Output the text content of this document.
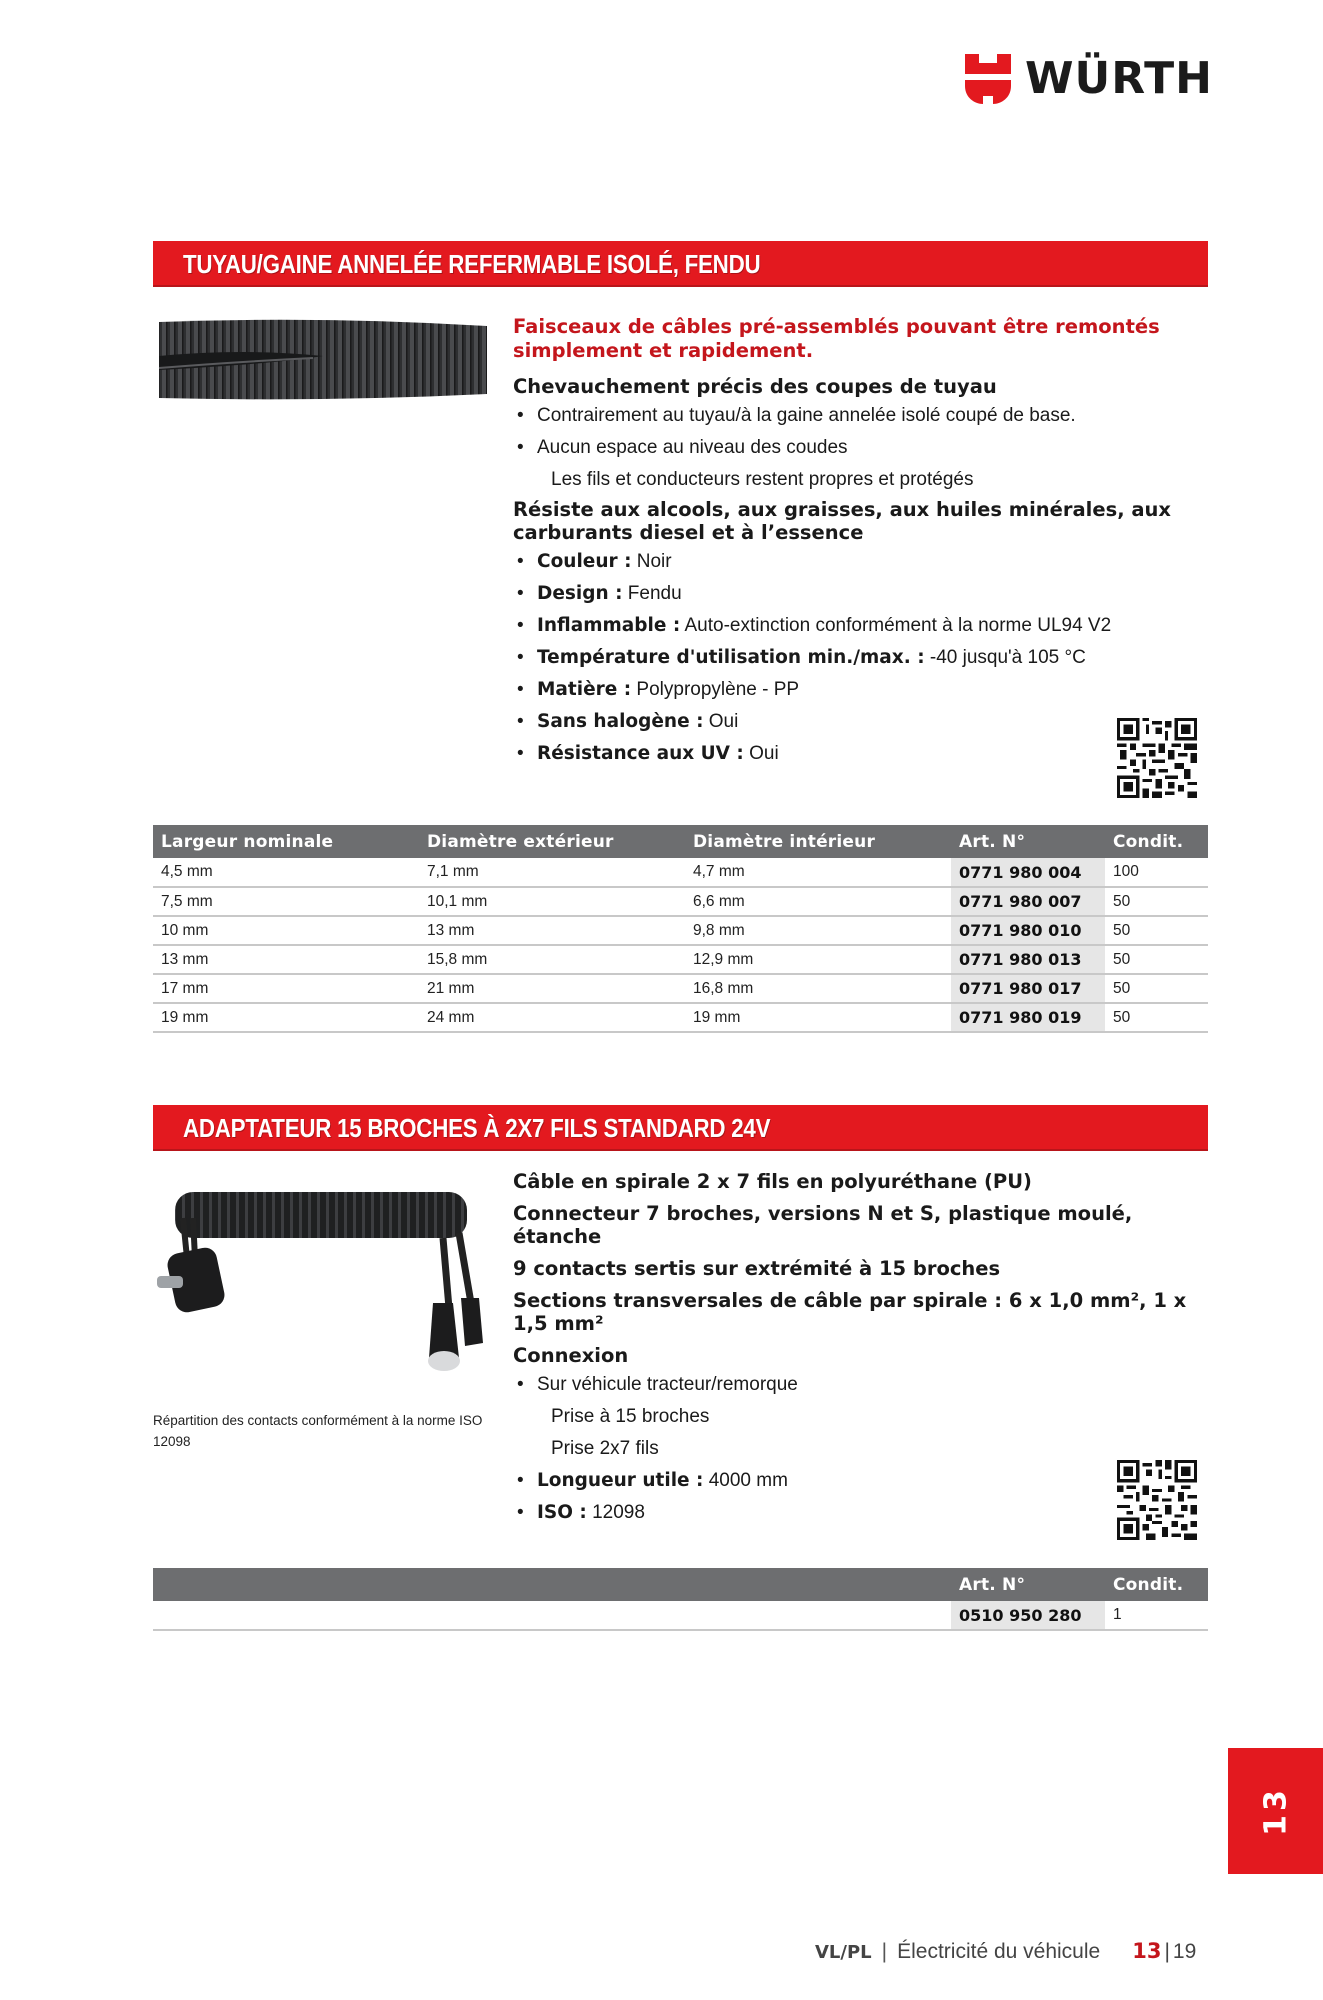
WÜRTH
TUYAU/GAINE ANNELÉE REFERMABLE ISOLÉ, FENDU
Faisceaux de câbles pré-assemblés pouvant être remontés simplement et rapidement.
Chevauchement précis des coupes de tuyau
• Contrairement au tuyau/à la gaine annelée isolé coupé de base.
• Aucun espace au niveau des coudes
Les fils et conducteurs restent propres et protégés
Résiste aux alcools, aux graisses, aux huiles minérales, aux carburants diesel et à l’essence
• Couleur : Noir
• Design : Fendu
• Inflammable : Auto-extinction conformément à la norme UL94 V2
• Température d'utilisation min./max. : -40 jusqu'à 105 °C
• Matière : Polypropylène - PP
• Sans halogène : Oui
• Résistance aux UV : Oui
Largeur nominale	Diamètre extérieur	Diamètre intérieur	Art. N°	Condit.
4,5 mm	7,1 mm	4,7 mm	0771 980 004	100
7,5 mm	10,1 mm	6,6 mm	0771 980 007	50
10 mm	13 mm	9,8 mm	0771 980 010	50
13 mm	15,8 mm	12,9 mm	0771 980 013	50
17 mm	21 mm	16,8 mm	0771 980 017	50
19 mm	24 mm	19 mm	0771 980 019	50
ADAPTATEUR 15 BROCHES À 2X7 FILS STANDARD 24V
Répartition des contacts conformément à la norme ISO 12098
Câble en spirale 2 x 7 fils en polyuréthane (PU)
Connecteur 7 broches, versions N et S, plastique moulé, étanche
9 contacts sertis sur extrémité à 15 broches
Sections transversales de câble par spirale : 6 x 1,0 mm², 1 x 1,5 mm²
Connexion
• Sur véhicule tracteur/remorque
Prise à 15 broches
Prise 2x7 fils
• Longueur utile : 4000 mm
• ISO : 12098
	Art. N°	Condit.
	0510 950 280	1
13
VL/PL | Électricité du véhicule 13 | 19
